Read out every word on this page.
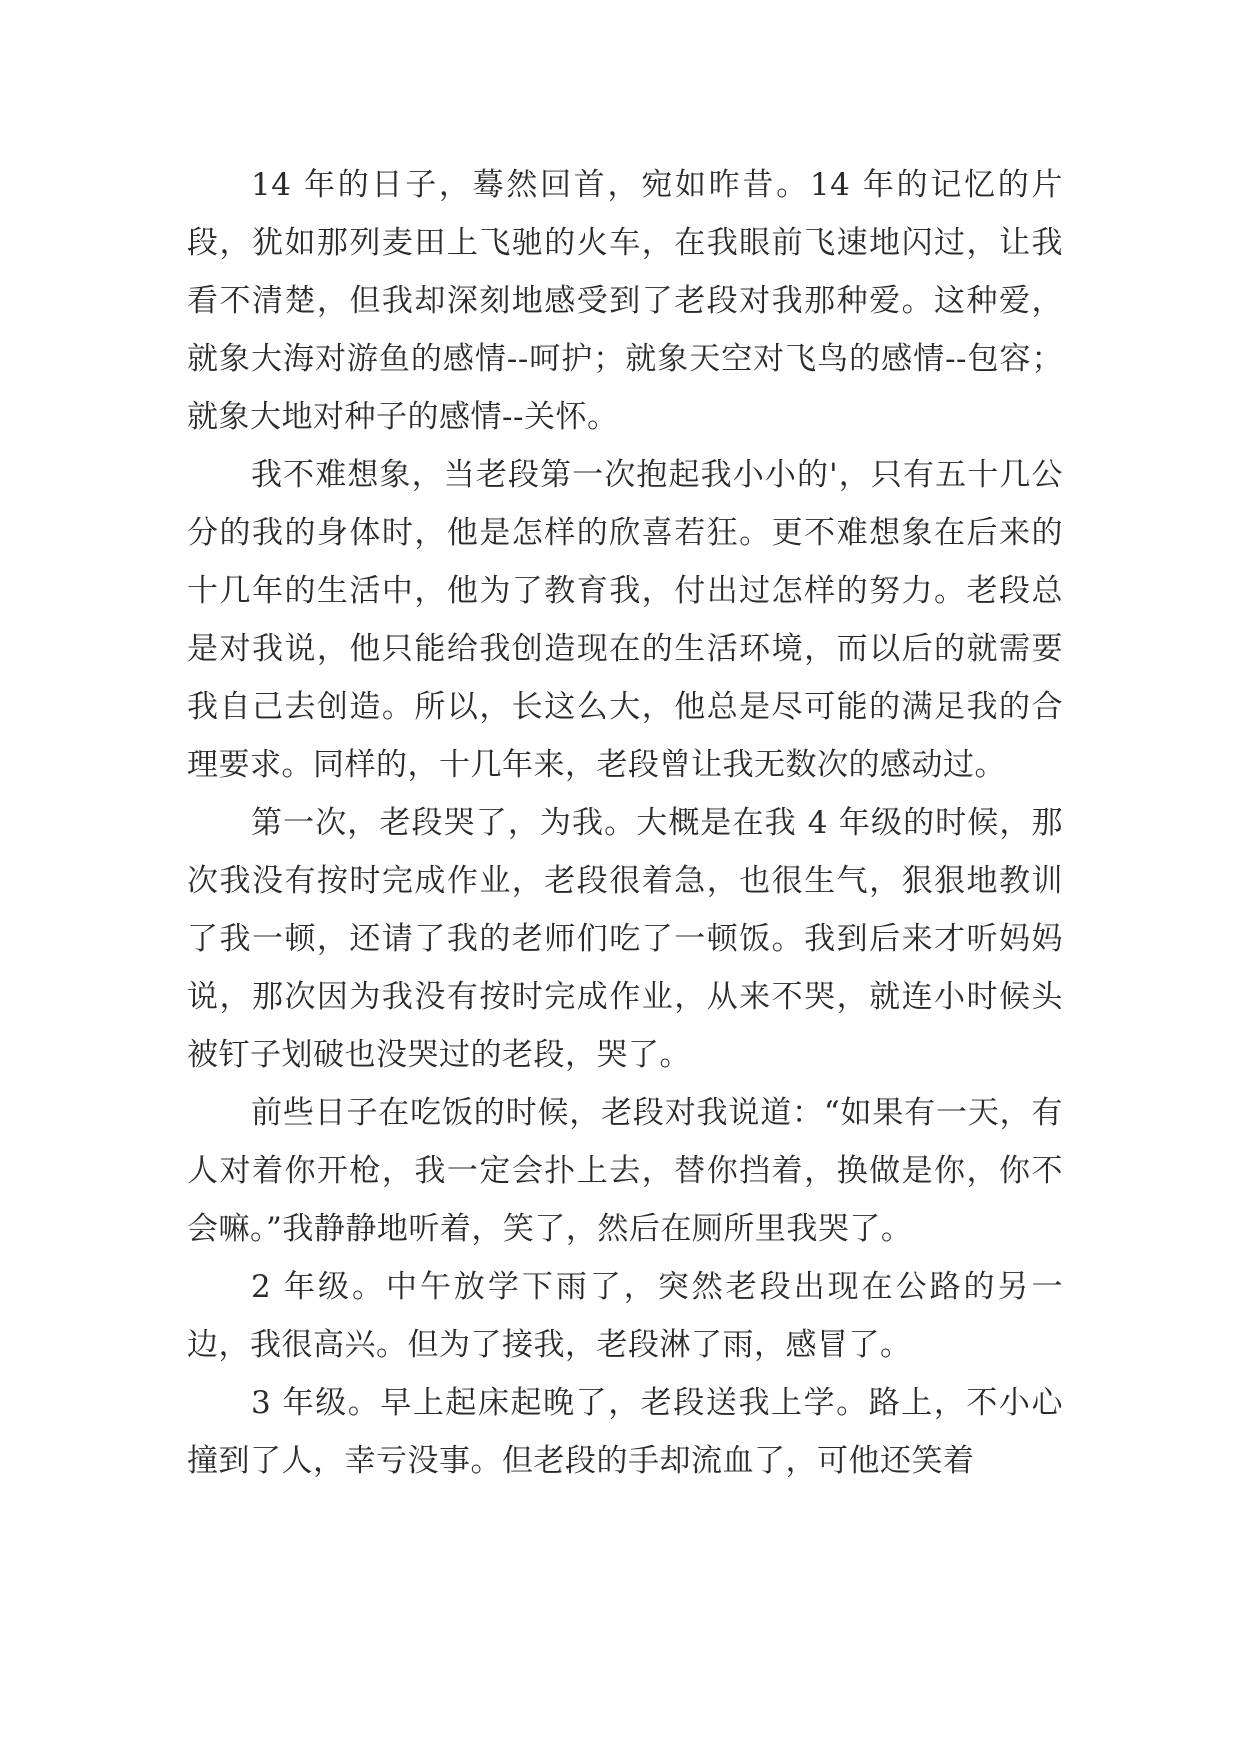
14 年的日子，蓦然回首，宛如昨昔。14 年的记忆的片段，犹如那列麦田上飞驰的火车，在我眼前飞速地闪过，让我看不清楚，但我却深刻地感受到了老段对我那种爱。这种爱，就象大海对游鱼的感情--呵护；就象天空对飞鸟的感情--包容；就象大地对种子的感情--关怀。

我不难想象，当老段第一次抱起我小小的'，只有五十几公分的我的身体时，他是怎样的欣喜若狂。更不难想象在后来的十几年的生活中，他为了教育我，付出过怎样的努力。老段总是对我说，他只能给我创造现在的生活环境，而以后的就需要我自己去创造。所以，长这么大，他总是尽可能的满足我的合理要求。同样的，十几年来，老段曾让我无数次的感动过。

第一次，老段哭了，为我。大概是在我 4 年级的时候，那次我没有按时完成作业，老段很着急，也很生气，狠狠地教训了我一顿，还请了我的老师们吃了一顿饭。我到后来才听妈妈说，那次因为我没有按时完成作业，从来不哭，就连小时候头被钉子划破也没哭过的老段，哭了。

前些日子在吃饭的时候，老段对我说道：“如果有一天，有人对着你开枪，我一定会扑上去，替你挡着，换做是你，你不会嘛。”我静静地听着，笑了，然后在厕所里我哭了。

2 年级。中午放学下雨了，突然老段出现在公路的另一边，我很高兴。但为了接我，老段淋了雨，感冒了。

3 年级。早上起床起晚了，老段送我上学。路上，不小心撞到了人，幸亏没事。但老段的手却流血了，可他还笑着
